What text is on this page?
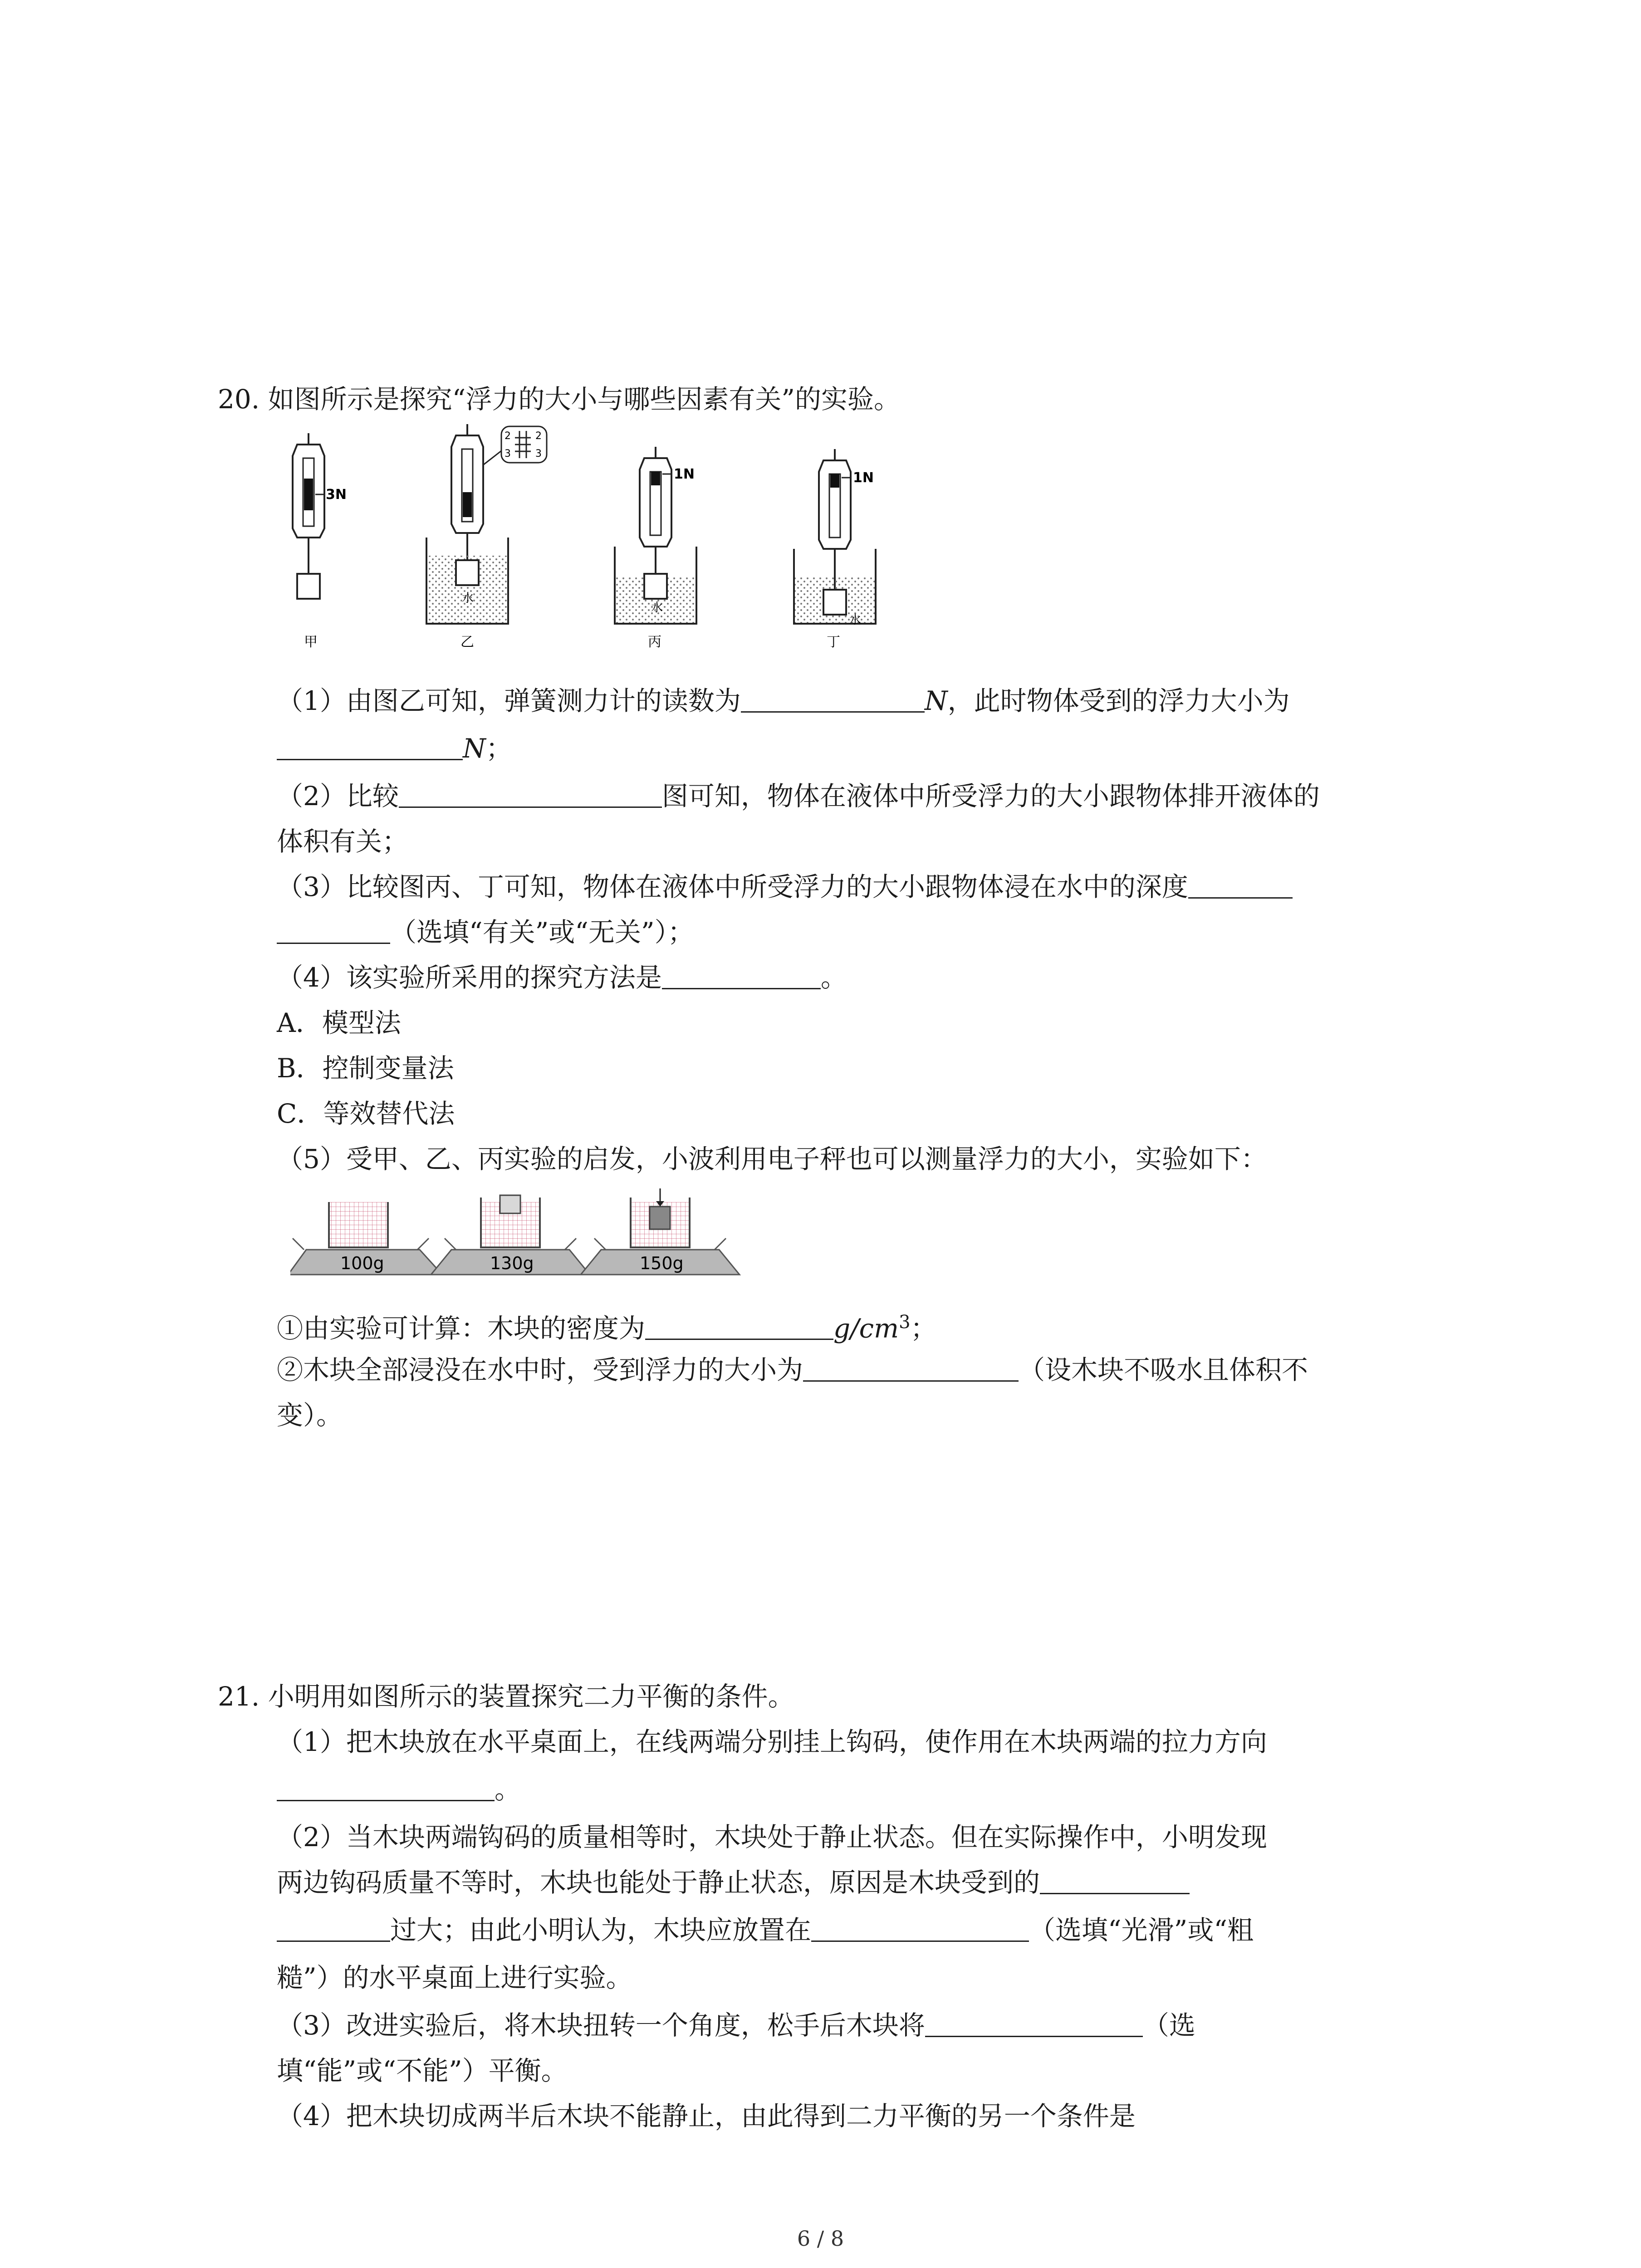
20. 如图所示是探究“浮力的大小与哪些因素有关”的实验。
3N
甲
2 2
3 3
水
乙
1N
水
丙
1N
水
丁
（1）由图乙可知，弹簧测力计的读数为	N，此时物体受到的浮力大小为
N；
（2）比较	图可知，物体在液体中所受浮力的大小跟物体排开液体的
体积有关；
（3）比较图丙、丁可知，物体在液体中所受浮力的大小跟物体浸在水中的深度
（选填“有关”或“无关”）；
（4）该实验所采用的探究方法是	。
A．模型法
B．控制变量法
C．等效替代法
（5）受甲、乙、丙实验的启发，小波利用电子秤也可以测量浮力的大小，实验如下：
100g	130g	150g
①由实验可计算：木块的密度为	$g/cm^3$；
②木块全部浸没在水中时，受到浮力的大小为	（设木块不吸水且体积不
变）。
21. 小明用如图所示的装置探究二力平衡的条件。
（1）把木块放在水平桌面上，在线两端分别挂上钩码，使作用在木块两端的拉力方向
。
（2）当木块两端钩码的质量相等时，木块处于静止状态。但在实际操作中，小明发现
两边钩码质量不等时，木块也能处于静止状态，原因是木块受到的
过大；由此小明认为，木块应放置在	（选填“光滑”或“粗
糙”）的水平桌面上进行实验。
（3）改进实验后，将木块扭转一个角度，松手后木块将	（选
填“能”或“不能”）平衡。
（4）把木块切成两半后木块不能静止，由此得到二力平衡的另一个条件是
6 / 8
